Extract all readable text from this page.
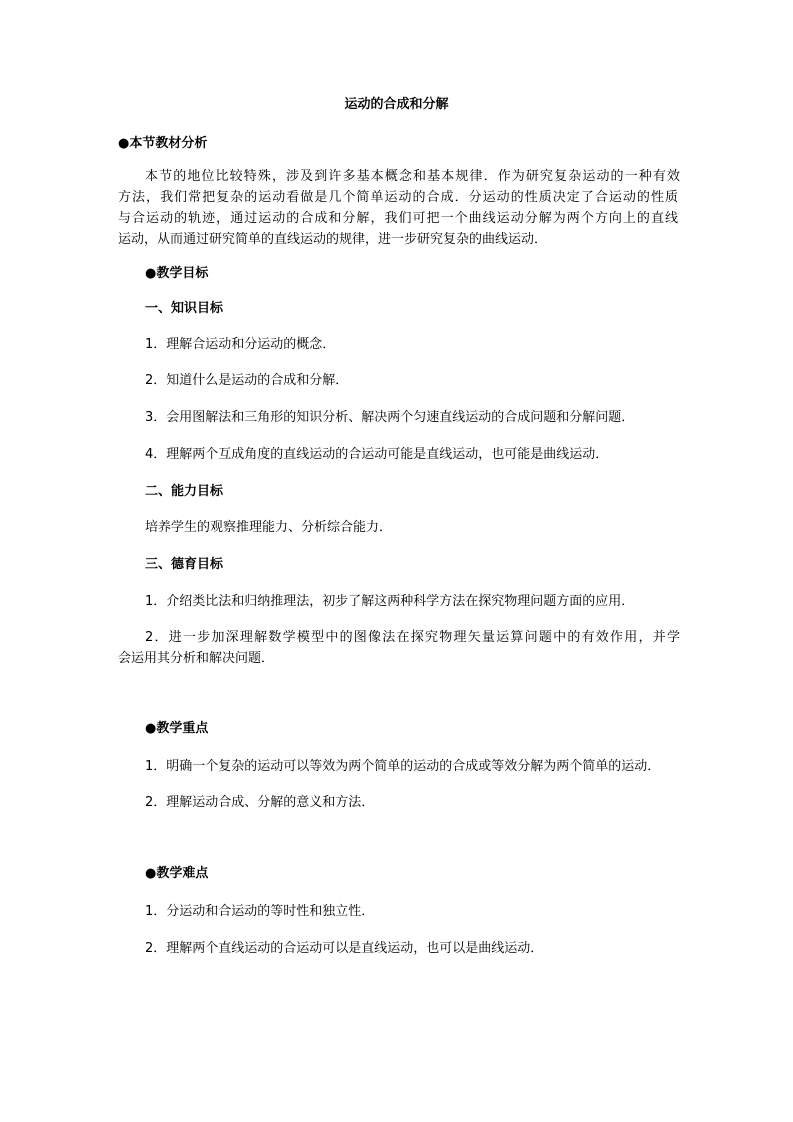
运动的合成和分解
●本节教材分析
本节的地位比较特殊，涉及到许多基本概念和基本规律．作为研究复杂运动的一种有效
方法，我们常把复杂的运动看做是几个简单运动的合成．分运动的性质决定了合运动的性质
与合运动的轨迹，通过运动的合成和分解，我们可把一个曲线运动分解为两个方向上的直线
运动，从而通过研究简单的直线运动的规律，进一步研究复杂的曲线运动．
●教学目标
一、知识目标
1．理解合运动和分运动的概念．
2．知道什么是运动的合成和分解．
3．会用图解法和三角形的知识分析、解决两个匀速直线运动的合成问题和分解问题．
4．理解两个互成角度的直线运动的合运动可能是直线运动，也可能是曲线运动．
二、能力目标
培养学生的观察推理能力、分析综合能力．
三、德育目标
1．介绍类比法和归纳推理法，初步了解这两种科学方法在探究物理问题方面的应用．
2．进一步加深理解数学模型中的图像法在探究物理矢量运算问题中的有效作用，并学
会运用其分析和解决问题．
●教学重点
1．明确一个复杂的运动可以等效为两个简单的运动的合成或等效分解为两个简单的运动．
2．理解运动合成、分解的意义和方法．
●教学难点
1．分运动和合运动的等时性和独立性．
2．理解两个直线运动的合运动可以是直线运动，也可以是曲线运动．
